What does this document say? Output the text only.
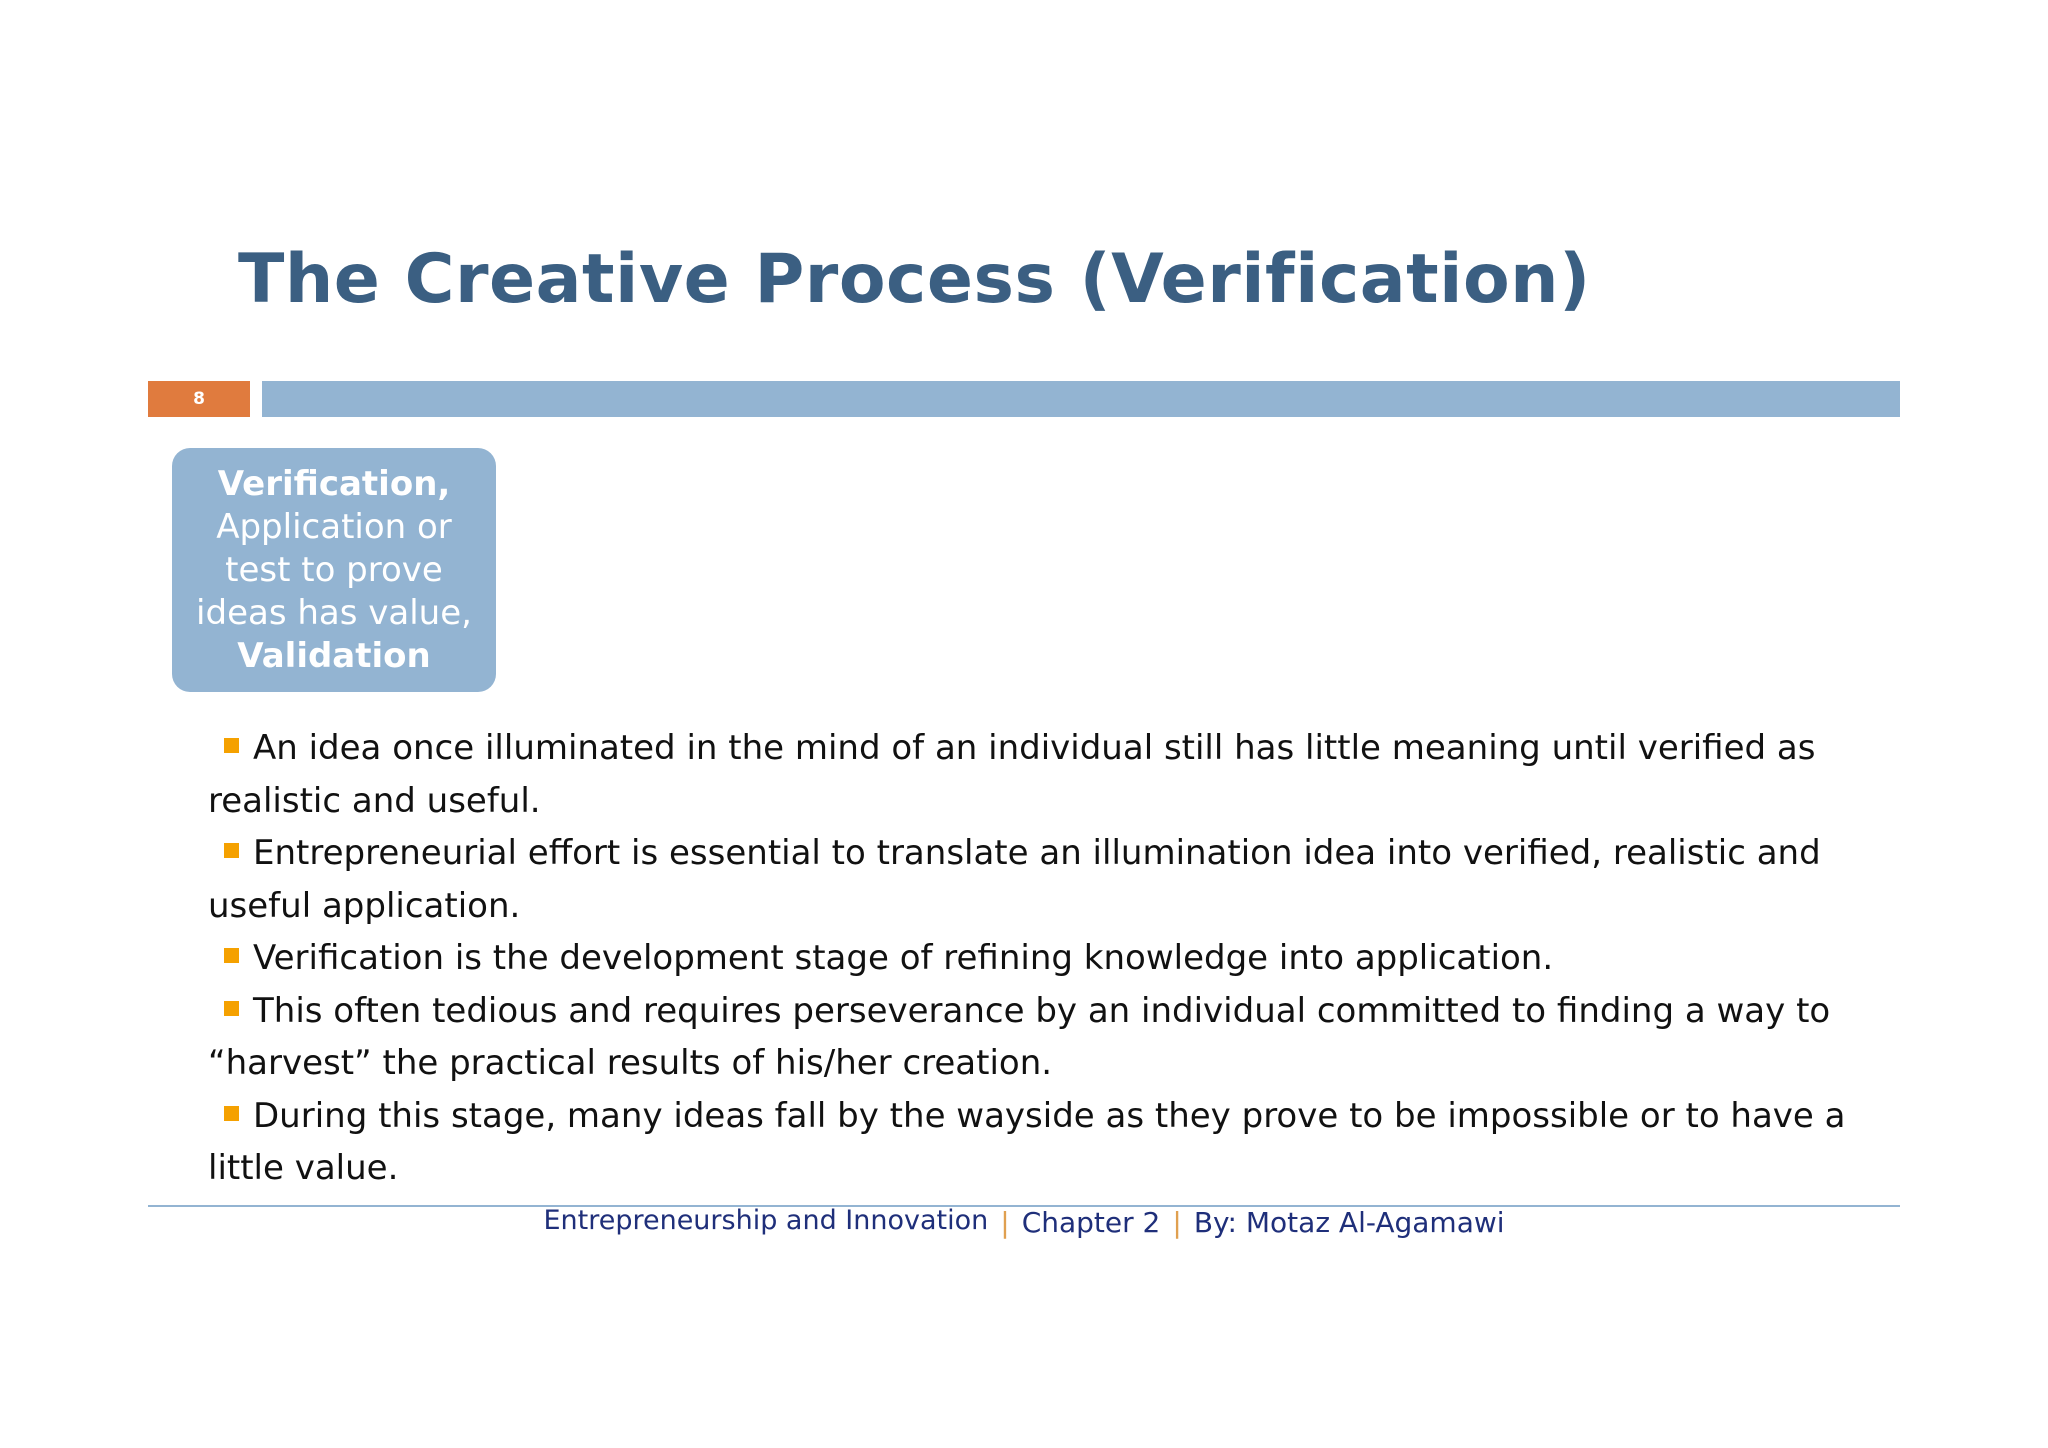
The Creative Process (Verification)
8
Verification,
Application or
test to prove
ideas has value,
Validation
An idea once illuminated in the mind of an individual still has little meaning until verified as realistic and useful.
Entrepreneurial effort is essential to translate an illumination idea into verified, realistic and useful application.
Verification is the development stage of refining knowledge into application.
This often tedious and requires perseverance by an individual committed to finding a way to “harvest” the practical results of his/her creation.
During this stage, many ideas fall by the wayside as they prove to be impossible or to have a little value.
Entrepreneurship and Innovation | Chapter 2 | By: Motaz Al-Agamawi
